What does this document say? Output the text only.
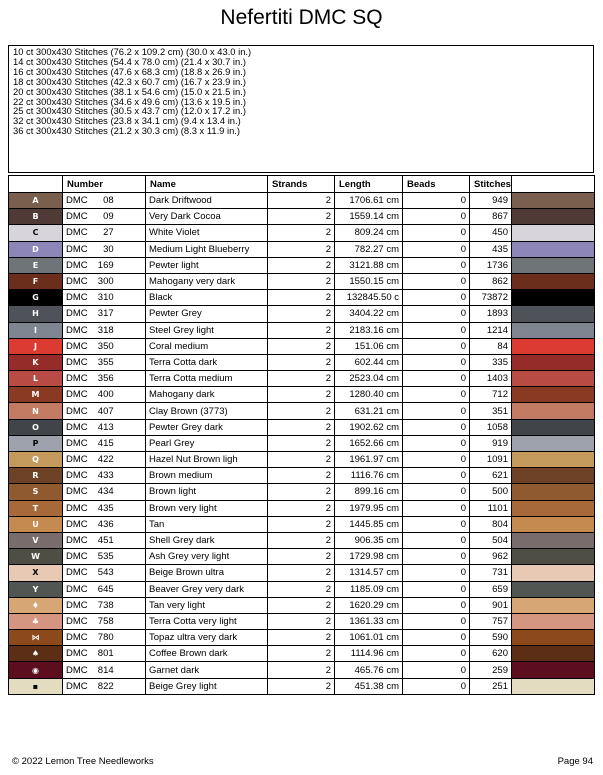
Nefertiti DMC SQ
10 ct 300x430 Stitches (76.2 x 109.2 cm) (30.0 x 43.0 in.)
14 ct 300x430 Stitches (54.4 x 78.0 cm) (21.4 x 30.7 in.)
16 ct 300x430 Stitches (47.6 x 68.3 cm) (18.8 x 26.9 in.)
18 ct 300x430 Stitches (42.3 x 60.7 cm) (16.7 x 23.9 in.)
20 ct 300x430 Stitches (38.1 x 54.6 cm) (15.0 x 21.5 in.)
22 ct 300x430 Stitches (34.6 x 49.6 cm) (13.6 x 19.5 in.)
25 ct 300x430 Stitches (30.5 x 43.7 cm) (12.0 x 17.2 in.)
32 ct 300x430 Stitches (23.8 x 34.1 cm) (9.4 x 13.4 in.)
36 ct 300x430 Stitches (21.2 x 30.3 cm) (8.3 x 11.9 in.)
	Number	Name	Strands	Length	Beads	Stitches	
A	DMC 08	Dark Driftwood	2	1706.61 cm	0	949	
B	DMC 09	Very Dark Cocoa	2	1559.14 cm	0	867	
C	DMC 27	White Violet	2	809.24 cm	0	450	
D	DMC 30	Medium Light Blueberry	2	782.27 cm	0	435	
E	DMC 169	Pewter light	2	3121.88 cm	0	1736	
F	DMC 300	Mahogany very dark	2	1550.15 cm	0	862	
G	DMC 310	Black	2	132845.50 c	0	73872	
H	DMC 317	Pewter Grey	2	3404.22 cm	0	1893	
I	DMC 318	Steel Grey light	2	2183.16 cm	0	1214	
J	DMC 350	Coral medium	2	151.06 cm	0	84	
K	DMC 355	Terra Cotta dark	2	602.44 cm	0	335	
L	DMC 356	Terra Cotta medium	2	2523.04 cm	0	1403	
M	DMC 400	Mahogany dark	2	1280.40 cm	0	712	
N	DMC 407	Clay Brown (3773)	2	631.21 cm	0	351	
O	DMC 413	Pewter Grey dark	2	1902.62 cm	0	1058	
P	DMC 415	Pearl Grey	2	1652.66 cm	0	919	
Q	DMC 422	Hazel Nut Brown ligh	2	1961.97 cm	0	1091	
R	DMC 433	Brown medium	2	1116.76 cm	0	621	
S	DMC 434	Brown light	2	899.16 cm	0	500	
T	DMC 435	Brown very light	2	1979.95 cm	0	1101	
U	DMC 436	Tan	2	1445.85 cm	0	804	
V	DMC 451	Shell Grey dark	2	906.35 cm	0	504	
W	DMC 535	Ash Grey very light	2	1729.98 cm	0	962	
X	DMC 543	Beige Brown ultra	2	1314.57 cm	0	731	
Y	DMC 645	Beaver Grey very dark	2	1185.09 cm	0	659	
♦	DMC 738	Tan very light	2	1620.29 cm	0	901	
♣	DMC 758	Terra Cotta very light	2	1361.33 cm	0	757	
⋈	DMC 780	Topaz ultra very dark	2	1061.01 cm	0	590	
♠	DMC 801	Coffee Brown dark	2	1114.96 cm	0	620	
◉	DMC 814	Garnet dark	2	465.76 cm	0	259	
▪	DMC 822	Beige Grey light	2	451.38 cm	0	251	
© 2022 Lemon Tree Needleworks	Page 94
